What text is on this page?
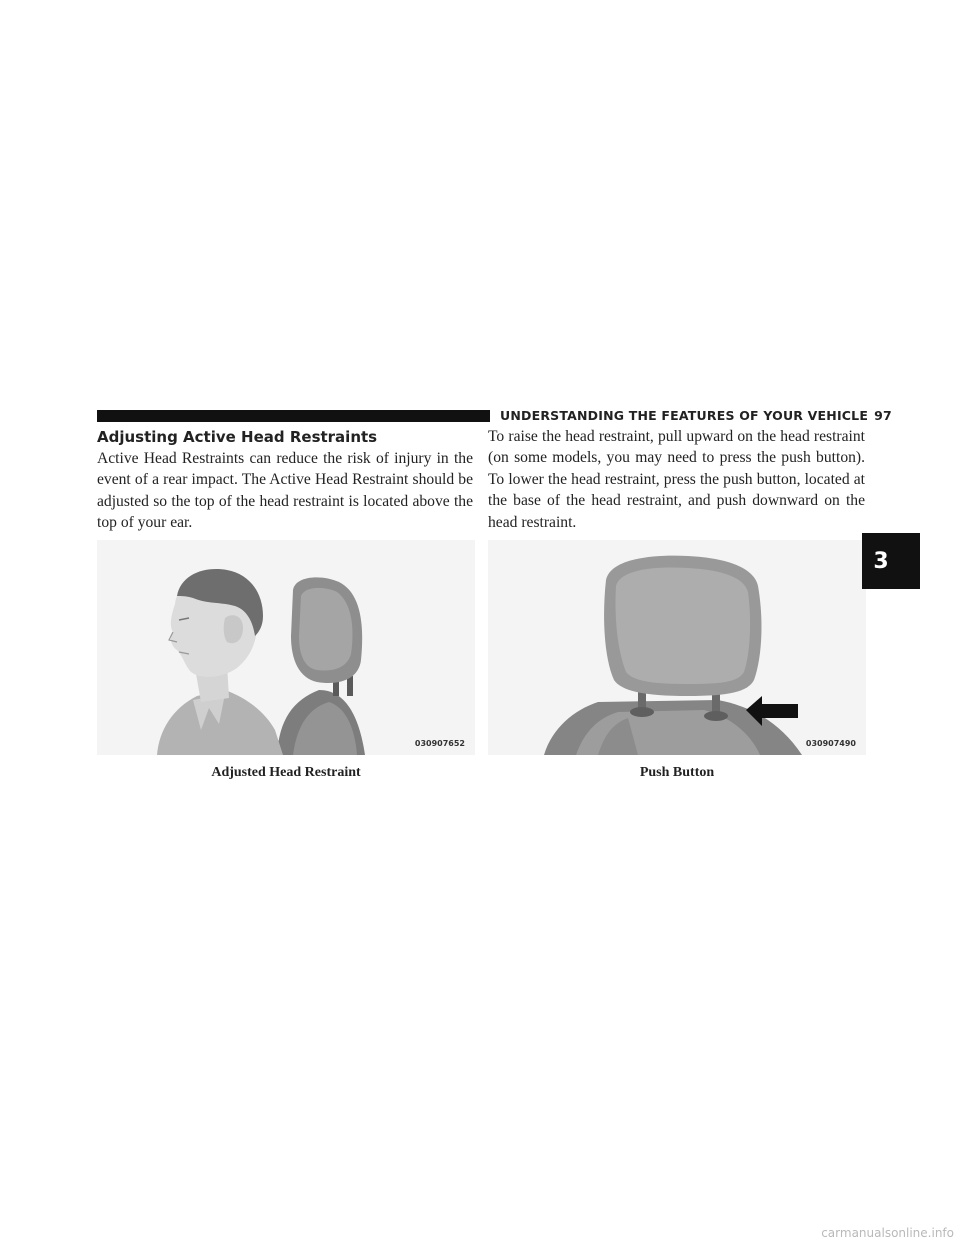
UNDERSTANDING THE FEATURES OF YOUR VEHICLE 97
Adjusting Active Head Restraints

Active Head Restraints can reduce the risk of injury in the event of a rear impact. The Active Head Restraint should be adjusted so the top of the head restraint is located above the top of your ear.

To raise the head restraint, pull upward on the head restraint (on some models, you may need to press the push button). To lower the head restraint, press the push button, located at the base of the head restraint, and push downward on the head restraint.

030907652	030907490
Adjusted Head Restraint	Push Button
3
carmanualsonline.info
